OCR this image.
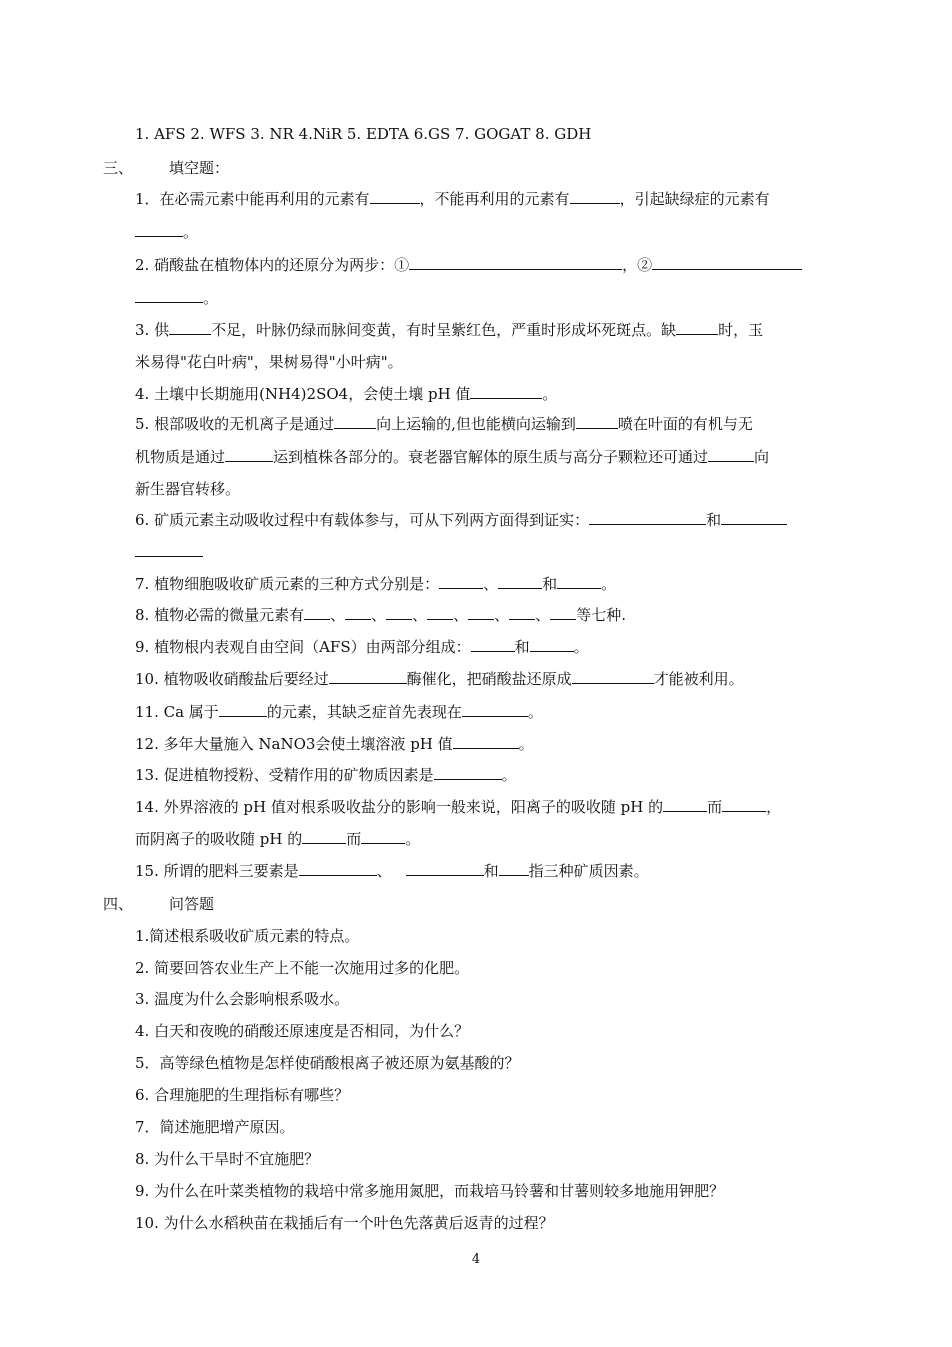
1. AFS 2. WFS 3. NR 4.NiR 5. EDTA 6.GS 7. GOGAT 8. GDH
三、 填空题：
1．在必需元素中能再利用的元素有	，不能再利用的元素有	，引起缺绿症的元素有
。
2. 硝酸盐在植物体内的还原分为两步：①	，②
。
3. 供	不足，叶脉仍绿而脉间变黄，有时呈紫红色，严重时形成坏死斑点。缺	时，玉
米易得"花白叶病"，果树易得"小叶病"。
4. 土壤中长期施用(NH4)2SO4，会使土壤 pH 值	。
5. 根部吸收的无机离子是通过	向上运输的,但也能横向运输到	喷在叶面的有机与无
机物质是通过	运到植株各部分的。衰老器官解体的原生质与高分子颗粒还可通过	向
新生器官转移。
6. 矿质元素主动吸收过程中有载体参与，可从下列两方面得到证实：	和
7. 植物细胞吸收矿质元素的三种方式分别是：	、	和	。
8. 植物必需的微量元素有 、 、 、 、 、 、 等七种.
9. 植物根内表观自由空间（AFS）由两部分组成：	和	。
10. 植物吸收硝酸盐后要经过	酶催化，把硝酸盐还原成	才能被利用。
11. Ca 属于	的元素，其缺乏症首先表现在	。
12. 多年大量施入 NaNO3会使土壤溶液 pH 值	。
13. 促进植物授粉、受精作用的矿物质因素是	。
14. 外界溶液的 pH 值对根系吸收盐分的影响一般来说，阳离子的吸收随 pH 的	而	，
而阴离子的吸收随 pH 的	而	。
15. 所谓的肥料三要素是	、	和 指三种矿质因素。
四、 问答题
1.简述根系吸收矿质元素的特点。
2. 简要回答农业生产上不能一次施用过多的化肥。
3. 温度为什么会影响根系吸水。
4. 白天和夜晚的硝酸还原速度是否相同，为什么？
5．高等绿色植物是怎样使硝酸根离子被还原为氨基酸的？
6. 合理施肥的生理指标有哪些？
7．简述施肥增产原因。
8. 为什么干旱时不宜施肥？
9. 为什么在叶菜类植物的栽培中常多施用氮肥，而栽培马铃薯和甘薯则较多地施用钾肥？
10. 为什么水稻秧苗在栽插后有一个叶色先落黄后返青的过程？
4
